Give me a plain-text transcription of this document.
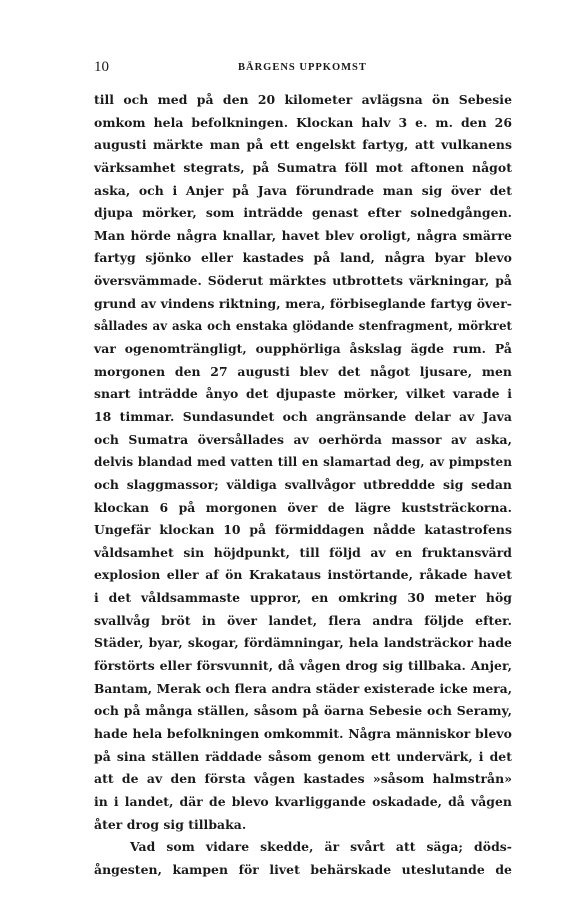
10	BÄRGENS UPPKOMST
till och med på den 20 kilometer avlägsna ön Sebesie
omkom hela befolkningen. Klockan halv 3 e. m. den 26
augusti märkte man på ett engelskt fartyg, att vulkanens
värksamhet stegrats, på Sumatra föll mot aftonen något
aska, och i Anjer på Java förundrade man sig över det
djupa mörker, som inträdde genast efter solnedgången.
Man hörde några knallar, havet blev oroligt, några smärre
fartyg sjönko eller kastades på land, några byar blevo
översvämmade. Söderut märktes utbrottets värkningar, på
grund av vindens riktning, mera, förbiseglande fartyg över-
sållades av aska och enstaka glödande stenfragment, mörkret
var ogenomträngligt, oupphörliga åskslag ägde rum. På
morgonen den 27 augusti blev det något ljusare, men
snart inträdde ånyo det djupaste mörker, vilket varade i
18 timmar. Sundasundet och angränsande delar av Java
och Sumatra översållades av oerhörda massor av aska,
delvis blandad med vatten till en slamartad deg, av pimpsten
och slaggmassor; väldiga svallvågor utbreddde sig sedan
klockan 6 på morgonen över de lägre kuststräckorna.
Ungefär klockan 10 på förmiddagen nådde katastrofens
våldsamhet sin höjdpunkt, till följd av en fruktansvärd
explosion eller af ön Krakataus instörtande, råkade havet
i det våldsammaste uppror, en omkring 30 meter hög
svallvåg bröt in över landet, flera andra följde efter.
Städer, byar, skogar, fördämningar, hela landsträckor hade
förstörts eller försvunnit, då vågen drog sig tillbaka. Anjer,
Bantam, Merak och flera andra städer existerade icke mera,
och på många ställen, såsom på öarna Sebesie och Seramy,
hade hela befolkningen omkommit. Några människor blevo
på sina ställen räddade såsom genom ett undervärk, i det
att de av den första vågen kastades »såsom halmstrån»
in i landet, där de blevo kvarliggande oskadade, då vågen
åter drog sig tillbaka.
Vad som vidare skedde, är svårt att säga; döds-
ångesten, kampen för livet behärskade uteslutande de
